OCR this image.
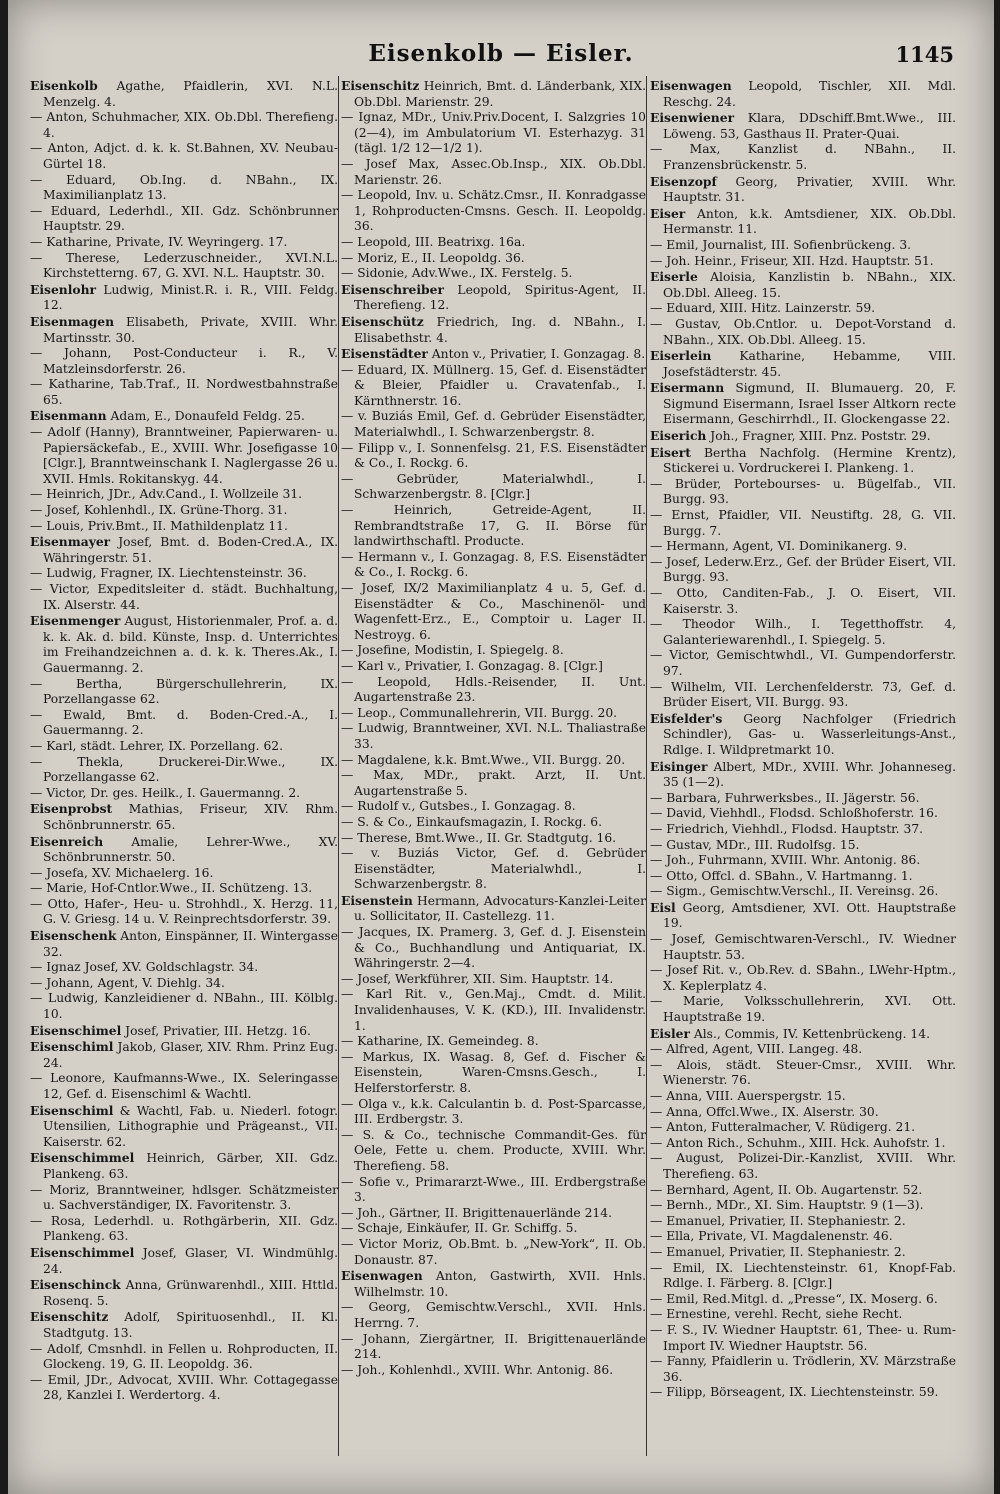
Eisenkolb — Eisler.	1145

Eisenkolb Agathe, Pfaidlerin, XVI. N.L. Menzelg. 4.

— Anton, Schuhmacher, XIX. Ob.Dbl. Therefieng. 4.

— Anton, Adjct. d. k. k. St.Bahnen, XV. Neubau-Gürtel 18.

— Eduard, Ob.Ing. d. NBahn., IX. Maximilianplatz 13.

— Eduard, Lederhdl., XII. Gdz. Schönbrunner Hauptstr. 29.

— Katharine, Private, IV. Weyringerg. 17.

— Therese, Lederzuschneider., XVI.N.L. Kirchstetterng. 67, G. XVI. N.L. Hauptstr. 30.

Eisenlohr Ludwig, Minist.R. i. R., VIII. Feldg. 12.

Eisenmagen Elisabeth, Private, XVIII. Whr. Martinsstr. 30.

— Johann, Post-Conducteur i. R., V. Matzleinsdorferstr. 26.

— Katharine, Tab.Traf., II. Nordwestbahnstraße 65.

Eisenmann Adam, E., Donaufeld Feldg. 25.

— Adolf (Hanny), Branntweiner, Papierwaren- u. Papiersäckefab., E., XVIII. Whr. Josefigasse 10 [Clgr.], Branntweinschank I. Naglergasse 26 u. XVII. Hmls. Rokitanskyg. 44.

— Heinrich, JDr., Adv.Cand., I. Wollzeile 31.

— Josef, Kohlenhdl., IX. Grüne-Thorg. 31.

— Louis, Priv.Bmt., II. Mathildenplatz 11.

Eisenmayer Josef, Bmt. d. Boden-Cred.A., IX. Währingerstr. 51.

— Ludwig, Fragner, IX. Liechtensteinstr. 36.

— Victor, Expeditsleiter d. städt. Buchhaltung, IX. Alserstr. 44.

Eisenmenger August, Historienmaler, Prof. a. d. k. k. Ak. d. bild. Künste, Insp. d. Unterrichtes im Freihandzeichnen a. d. k. k. Theres.Ak., I. Gauermanng. 2.

— Bertha, Bürgerschullehrerin, IX. Porzellangasse 62.

— Ewald, Bmt. d. Boden-Cred.-A., I. Gauermanng. 2.

— Karl, städt. Lehrer, IX. Porzellang. 62.

— Thekla, Druckerei-Dir.Wwe., IX. Porzellangasse 62.

— Victor, Dr. ges. Heilk., I. Gauermanng. 2.

Eisenprobst Mathias, Friseur, XIV. Rhm. Schönbrunnerstr. 65.

Eisenreich Amalie, Lehrer-Wwe., XV. Schönbrunnerstr. 50.

— Josefa, XV. Michaelerg. 16.

— Marie, Hof-Cntlor.Wwe., II. Schützeng. 13.

— Otto, Hafer-, Heu- u. Strohhdl., X. Herzg. 11, G. V. Griesg. 14 u. V. Reinprechtsdorferstr. 39.

Eisenschenk Anton, Einspänner, II. Wintergasse 32.

— Ignaz Josef, XV. Goldschlagstr. 34.

— Johann, Agent, V. Diehlg. 34.

— Ludwig, Kanzleidiener d. NBahn., III. Kölblg. 10.

Eisenschimel Josef, Privatier, III. Hetzg. 16.

Eisenschiml Jakob, Glaser, XIV. Rhm. Prinz Eug. 24.

— Leonore, Kaufmanns-Wwe., IX. Seleringasse 12, Gef. d. Eisenschiml & Wachtl.

Eisenschiml & Wachtl, Fab. u. Niederl. fotogr. Utensilien, Lithographie und Prägeanst., VII. Kaiserstr. 62.

Eisenschimmel Heinrich, Gärber, XII. Gdz. Plankeng. 63.

— Moriz, Branntweiner, hdlsger. Schätzmeister u. Sachverständiger, IX. Favoritenstr. 3.

— Rosa, Lederhdl. u. Rothgärberin, XII. Gdz. Plankeng. 63.

Eisenschimmel Josef, Glaser, VI. Windmühlg. 24.

Eisenschinck Anna, Grünwarenhdl., XIII. Httld. Rosenq. 5.

Eisenschitz Adolf, Spirituosenhdl., II. Kl. Stadtgutg. 13.

— Adolf, Cmsnhdl. in Fellen u. Rohproducten, II. Glockeng. 19, G. II. Leopoldg. 36.

— Emil, JDr., Advocat, XVIII. Whr. Cottagegasse 28, Kanzlei I. Werdertorg. 4.

Eisenschitz Heinrich, Bmt. d. Länderbank, XIX. Ob.Dbl. Marienstr. 29.

— Ignaz, MDr., Univ.Priv.Docent, I. Salzgries 10 (2—4), im Ambulatorium VI. Esterhazyg. 31 (tägl. 1/2 12—1/2 1).

— Josef Max, Assec.Ob.Insp., XIX. Ob.Dbl. Marienstr. 26.

— Leopold, Inv. u. Schätz.Cmsr., II. Konradgasse 1, Rohproducten-Cmsns. Gesch. II. Leopoldg. 36.

— Leopold, III. Beatrixg. 16a.

— Moriz, E., II. Leopoldg. 36.

— Sidonie, Adv.Wwe., IX. Ferstelg. 5.

Eisenschreiber Leopold, Spiritus-Agent, II. Therefieng. 12.

Eisenschütz Friedrich, Ing. d. NBahn., I. Elisabethstr. 4.

Eisenstädter Anton v., Privatier, I. Gonzagag. 8.

— Eduard, IX. Müllnerg. 15, Gef. d. Eisenstädter & Bleier, Pfaidler u. Cravatenfab., I. Kärnthnerstr. 16.

— v. Buziás Emil, Gef. d. Gebrüder Eisenstädter, Materialwhdl., I. Schwarzenbergstr. 8.

— Filipp v., I. Sonnenfelsg. 21, F.S. Eisenstädter & Co., I. Rockg. 6.

— Gebrüder, Materialwhdl., I. Schwarzenbergstr. 8. [Clgr.]

— Heinrich, Getreide-Agent, II. Rembrandtstraße 17, G. II. Börse für landwirthschaftl. Producte.

— Hermann v., I. Gonzagag. 8, F.S. Eisenstädter & Co., I. Rockg. 6.

— Josef, IX/2 Maximilianplatz 4 u. 5, Gef. d. Eisenstädter & Co., Maschinenöl- und Wagenfett-Erz., E., Comptoir u. Lager II. Nestroyg. 6.

— Josefine, Modistin, I. Spiegelg. 8.

— Karl v., Privatier, I. Gonzagag. 8. [Clgr.]

— Leopold, Hdls.-Reisender, II. Unt. Augartenstraße 23.

— Leop., Communallehrerin, VII. Burgg. 20.

— Ludwig, Branntweiner, XVI. N.L. Thaliastraße 33.

— Magdalene, k.k. Bmt.Wwe., VII. Burgg. 20.

— Max, MDr., prakt. Arzt, II. Unt. Augartenstraße 5.

— Rudolf v., Gutsbes., I. Gonzagag. 8.

— S. & Co., Einkaufsmagazin, I. Rockg. 6.

— Therese, Bmt.Wwe., II. Gr. Stadtgutg. 16.

— v. Buziás Victor, Gef. d. Gebrüder Eisenstädter, Materialwhdl., I. Schwarzenbergstr. 8.

Eisenstein Hermann, Advocaturs-Kanzlei-Leiter u. Sollicitator, II. Castellezg. 11.

— Jacques, IX. Pramerg. 3, Gef. d. J. Eisenstein & Co., Buchhandlung und Antiquariat, IX. Währingerstr. 2—4.

— Josef, Werkführer, XII. Sim. Hauptstr. 14.

— Karl Rit. v., Gen.Maj., Cmdt. d. Milit. Invalidenhauses, V. K. (KD.), III. Invalidenstr. 1.

— Katharine, IX. Gemeindeg. 8.

— Markus, IX. Wasag. 8, Gef. d. Fischer & Eisenstein, Waren-Cmsns.Gesch., I. Helferstorferstr. 8.

— Olga v., k.k. Calculantin b. d. Post-Sparcasse, III. Erdbergstr. 3.

— S. & Co., technische Commandit-Ges. für Oele, Fette u. chem. Producte, XVIII. Whr. Therefieng. 58.

— Sofie v., Primararzt-Wwe., III. Erdbergstraße 3.

— Joh., Gärtner, II. Brigittenauerlände 214.

— Schaje, Einkäufer, II. Gr. Schiffg. 5.

— Victor Moriz, Ob.Bmt. b. „New-York“, II. Ob. Donaustr. 87.

Eisenwagen Anton, Gastwirth, XVII. Hnls. Wilhelmstr. 10.

— Georg, Gemischtw.Verschl., XVII. Hnls. Herrng. 7.

— Johann, Ziergärtner, II. Brigittenauerlände 214.

— Joh., Kohlenhdl., XVIII. Whr. Antonig. 86.

Eisenwagen Leopold, Tischler, XII. Mdl. Reschg. 24.

Eisenwiener Klara, DDschiff.Bmt.Wwe., III. Löweng. 53, Gasthaus II. Prater-Quai.

— Max, Kanzlist d. NBahn., II. Franzensbrückenstr. 5.

Eisenzopf Georg, Privatier, XVIII. Whr. Hauptstr. 31.

Eiser Anton, k.k. Amtsdiener, XIX. Ob.Dbl. Hermanstr. 11.

— Emil, Journalist, III. Sofienbrückeng. 3.

— Joh. Heinr., Friseur, XII. Hzd. Hauptstr. 51.

Eiserle Aloisia, Kanzlistin b. NBahn., XIX. Ob.Dbl. Alleeg. 15.

— Eduard, XIII. Hitz. Lainzerstr. 59.

— Gustav, Ob.Cntlor. u. Depot-Vorstand d. NBahn., XIX. Ob.Dbl. Alleeg. 15.

Eiserlein Katharine, Hebamme, VIII. Josefstädterstr. 45.

Eisermann Sigmund, II. Blumauerg. 20, F. Sigmund Eisermann, Israel Isser Altkorn recte Eisermann, Geschirrhdl., II. Glockengasse 22.

Eiserich Joh., Fragner, XIII. Pnz. Poststr. 29.

Eisert Bertha Nachfolg. (Hermine Krentz), Stickerei u. Vordruckerei I. Plankeng. 1.

— Brüder, Portebourses- u. Bügelfab., VII. Burgg. 93.

— Ernst, Pfaidler, VII. Neustiftg. 28, G. VII. Burgg. 7.

— Hermann, Agent, VI. Dominikanerg. 9.

— Josef, Lederw.Erz., Gef. der Brüder Eisert, VII. Burgg. 93.

— Otto, Canditen-Fab., J. O. Eisert, VII. Kaiserstr. 3.

— Theodor Wilh., I. Tegetthoffstr. 4, Galanteriewarenhdl., I. Spiegelg. 5.

— Victor, Gemischtwhdl., VI. Gumpendorferstr. 97.

— Wilhelm, VII. Lerchenfelderstr. 73, Gef. d. Brüder Eisert, VII. Burgg. 93.

Eisfelder's Georg Nachfolger (Friedrich Schindler), Gas- u. Wasserleitungs-Anst., Rdlge. I. Wildpretmarkt 10.

Eisinger Albert, MDr., XVIII. Whr. Johanneseg. 35 (1—2).

— Barbara, Fuhrwerksbes., II. Jägerstr. 56.

— David, Viehhdl., Flodsd. Schloßhoferstr. 16.

— Friedrich, Viehhdl., Flodsd. Hauptstr. 37.

— Gustav, MDr., III. Rudolfsg. 15.

— Joh., Fuhrmann, XVIII. Whr. Antonig. 86.

— Otto, Offcl. d. SBahn., V. Hartmanng. 1.

— Sigm., Gemischtw.Verschl., II. Vereinsg. 26.

Eisl Georg, Amtsdiener, XVI. Ott. Hauptstraße 19.

— Josef, Gemischtwaren-Verschl., IV. Wiedner Hauptstr. 53.

— Josef Rit. v., Ob.Rev. d. SBahn., LWehr-Hptm., X. Keplerplatz 4.

— Marie, Volksschullehrerin, XVI. Ott. Hauptstraße 19.

Eisler Als., Commis, IV. Kettenbrückeng. 14.

— Alfred, Agent, VIII. Langeg. 48.

— Alois, städt. Steuer-Cmsr., XVIII. Whr. Wienerstr. 76.

— Anna, VIII. Auerspergstr. 15.

— Anna, Offcl.Wwe., IX. Alserstr. 30.

— Anton, Futteralmacher, V. Rüdigerg. 21.

— Anton Rich., Schuhm., XIII. Hck. Auhofstr. 1.

— August, Polizei-Dir.-Kanzlist, XVIII. Whr. Therefieng. 63.

— Bernhard, Agent, II. Ob. Augartenstr. 52.

— Bernh., MDr., XI. Sim. Hauptstr. 9 (1—3).

— Emanuel, Privatier, II. Stephaniestr. 2.

— Ella, Private, VI. Magdalenenstr. 46.

— Emanuel, Privatier, II. Stephaniestr. 2.

— Emil, IX. Liechtensteinstr. 61, Knopf-Fab. Rdlge. I. Färberg. 8. [Clgr.]

— Emil, Red.Mitgl. d. „Presse“, IX. Moserg. 6.

— Ernestine, verehl. Recht, siehe Recht.

— F. S., IV. Wiedner Hauptstr. 61, Thee- u. Rum-Import IV. Wiedner Hauptstr. 56.

— Fanny, Pfaidlerin u. Trödlerin, XV. Märzstraße 36.

— Filipp, Börseagent, IX. Liechtensteinstr. 59.
